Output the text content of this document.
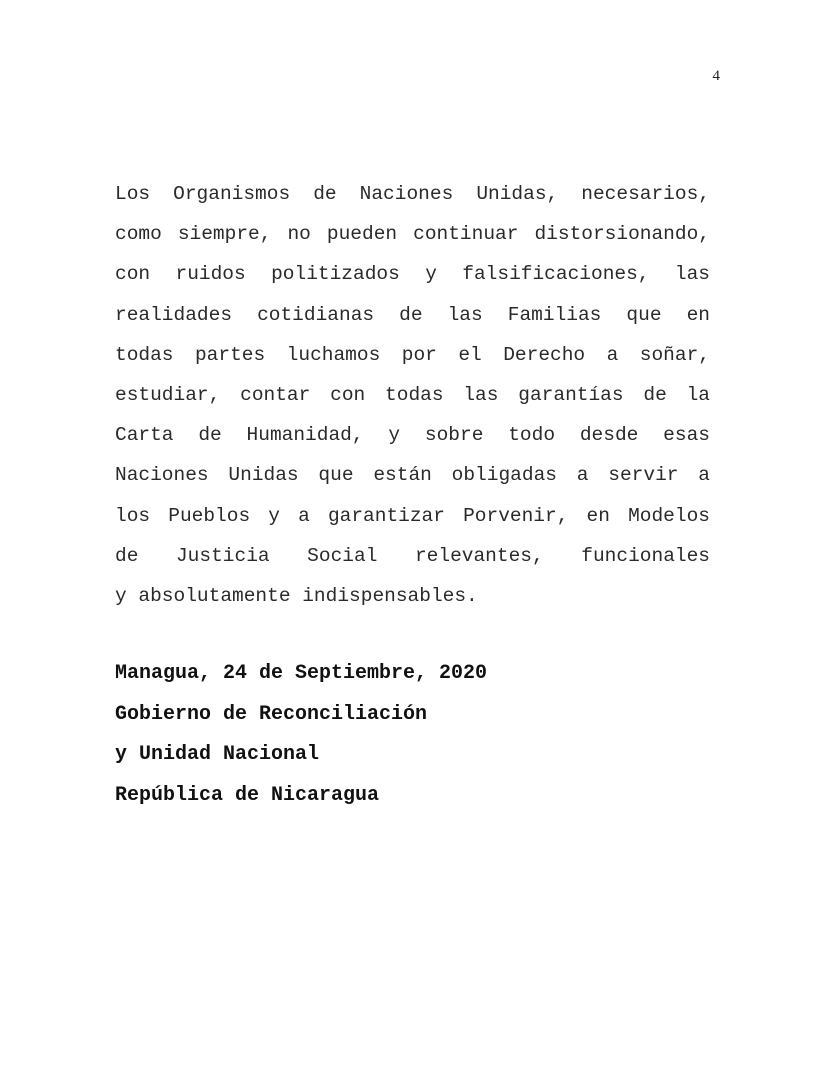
4
Los Organismos de Naciones Unidas, necesarios,
como siempre, no pueden continuar distorsionando,
con ruidos politizados y falsificaciones, las
realidades cotidianas de las Familias que en
todas partes luchamos por el Derecho a soñar,
estudiar, contar con todas las garantías de la
Carta de Humanidad, y sobre todo desde esas
Naciones Unidas que están obligadas a servir a
los Pueblos y a garantizar Porvenir, en Modelos
de Justicia Social relevantes, funcionales
y absolutamente indispensables.
Managua, 24 de Septiembre, 2020
Gobierno de Reconciliación
y Unidad Nacional
República de Nicaragua
